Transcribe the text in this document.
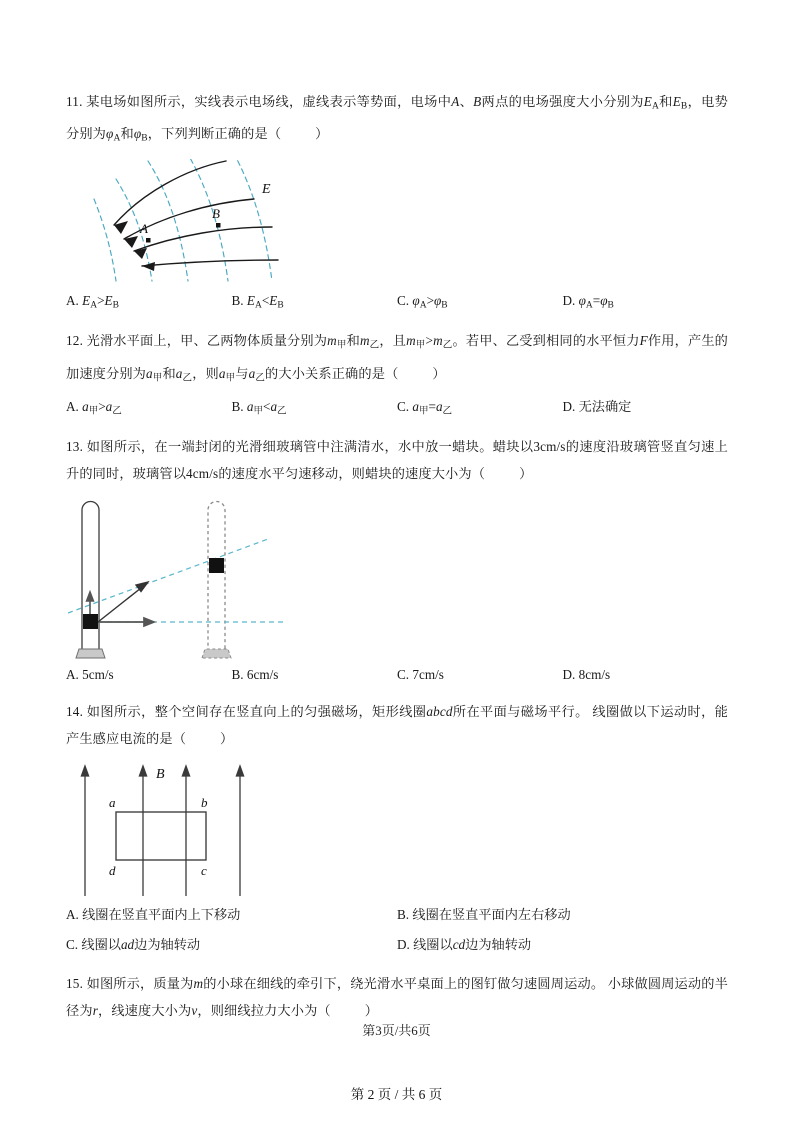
11. 某电场如图所示，实线表示电场线，虚线表示等势面，电场中A、B两点的电场强度大小分别为$E_A$和$E_B$，电势分别为$\varphi_A$和$\varphi_B$，下列判断正确的是（	）
A
B
E
A. $E_A>E_B$	B. $E_A<E_B$	C. $\varphi_A>\varphi_B$	D. $\varphi_A=\varphi_B$
12. 光滑水平面上，甲、乙两物体质量分别为$m_甲$和$m_乙$，且$m_甲>m_乙$。若甲、乙受到相同的水平恒力F作用，产生的加速度分别为$a_甲$和$a_乙$，则$a_甲$与$a_乙$的大小关系正确的是（	）
A. $a_甲>a_乙$	B. $a_甲<a_乙$	C. $a_甲=a_乙$	D. 无法确定
13. 如图所示，在一端封闭的光滑细玻璃管中注满清水，水中放一蜡块。蜡块以3cm/s的速度沿玻璃管竖直匀速上升的同时，玻璃管以4cm/s的速度水平匀速移动，则蜡块的速度大小为（	）
A. 5cm/s	B. 6cm/s	C. 7cm/s	D. 8cm/s
14. 如图所示，整个空间存在竖直向上的匀强磁场，矩形线圈abcd所在平面与磁场平行。 线圈做以下运动时，能产生感应电流的是（	）
B
a	b
c
d
A. 线圈在竖直平面内上下移动	B. 线圈在竖直平面内左右移动
C. 线圈以ad边为轴转动	D. 线圈以cd边为轴转动
15. 如图所示，质量为m的小球在细线的牵引下，绕光滑水平桌面上的图钉做匀速圆周运动。 小球做圆周运动的半径为r，线速度大小为v，则细线拉力大小为（	）
第3页/共6页
第 2 页 / 共 6 页
